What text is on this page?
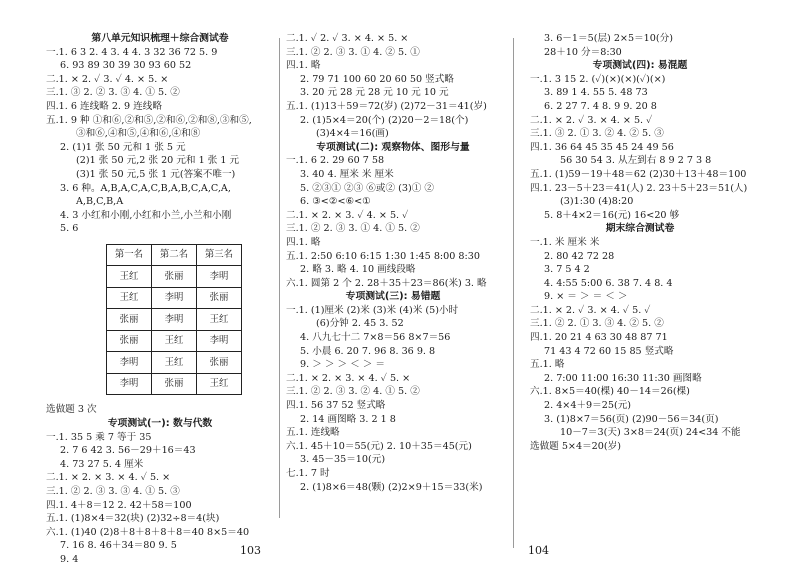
第八单元知识梳理＋综合测试卷
一.1. 6 3 2. 4 3. 4 4. 3 32 36 72 5. 9
6. 93 89 30 39 30 93 60 52
二.1. × 2. ✓ 3. ✓ 4. × 5. ×
三.1. ③ 2. ② 3. ③ 4. ① 5. ②
四.1. 6 连线略 2. 9 连线略
五.1. 9 种 ①和⑥,②和⑤,②和⑥,②和⑧,③和⑤,
③和⑥,④和⑤,④和⑥,④和⑧
2. (1)1 张 50 元和 1 张 5 元
(2)1 张 50 元,2 张 20 元和 1 张 1 元
(3)1 张 50 元,5 张 1 元(答案不唯一)
3. 6 种。A,B,A,C,A,C,B,A,B,C,A,C,A,
A,B,C,B,A
4. 3 小红和小刚,小红和小兰,小兰和小刚
5. 6
第一名	第二名	第三名
王红	张丽	李明
王红	李明	张丽
张丽	李明	王红
张丽	王红	李明
李明	王红	张丽
李明	张丽	王红
选做题 3 次
专项测试(一): 数与代数
一.1. 35 5 乘 7 等于 35
2. 7 6 42 3. 56－29＋16＝43
4. 73 27 5. 4 厘米
二.1. × 2. × 3. × 4. ✓ 5. ×
三.1. ② 2. ③ 3. ③ 4. ① 5. ③
四.1. 4＋8＝12 2. 42＋58＝100
五.1. (1)8×4＝32(块) (2)32÷8＝4(块)
六.1. (1)40 (2)8＋8＋8＋8＋8＝40 8×5＝40
7. 16 8. 46＋34＝80 9. 5
9. 4
二.1. ✓ 2. ✓ 3. × 4. × 5. ×
三.1. ② 2. ③ 3. ① 4. ② 5. ①
四.1. 略
2. 79 71 100 60 20 60 50 竖式略
3. 20 元 28 元 28 元 10 元 10 元
五.1. (1)13＋59＝72(岁) (2)72－31＝41(岁)
2. (1)5×4＝20(个) (2)20－2＝18(个)
(3)4×4＝16(画)
专项测试(二): 观察物体、图形与量
一.1. 6 2. 29 60 7 58
3. 40 4. 厘米 米 厘米
5. ②③① ②③ ⑥或② (3)① ②
6. ③<②<⑥<①
二.1. × 2. × 3. ✓ 4. × 5. ✓
三.1. ② 2. ③ 3. ① 4. ① 5. ②
四.1. 略
五.1. 2:50 6:10 6:15 1:30 1:45 8:00 8:30
2. 略 3. 略 4. 10 画线段略
六.1. 圆第 2 个 2. 28＋35＋23＝86(米) 3. 略
专项测试(三): 易错题
一.1. (1)厘米 (2)米 (3)米 (4)米 (5)小时
(6)分钟 2. 45 3. 52
4. 八九七十二 7×8＝56 8×7＝56
5. 小晨 6. 20 7. 96 8. 36 9. 8
9. ＞ ＞ ＞ ＜ ＞ ＝
二.1. × 2. × 3. × 4. ✓ 5. ×
三.1. ② 2. ③ 3. ② 4. ① 5. ②
四.1. 56 37 52 竖式略
2. 14 画图略 3. 2 1 8
五.1. 连线略
六.1. 45＋10＝55(元) 2. 10＋35＝45(元)
3. 45－35＝10(元)
七.1. 7 时
2. (1)8×6＝48(颗) (2)2×9＋15＝33(米)
3. 6－1＝5(层) 2×5＝10(分)
28＋10 分＝8:30
专项测试(四): 易混题
一.1. 3 15 2. (✓)(×)(×)(✓)(×)
3. 89 1 4. 55 5. 48 73
6. 2 27 7. 4 8. 9 9. 20 8
二.1. × 2. ✓ 3. × 4. × 5. ✓
三.1. ③ 2. ① 3. ② 4. ② 5. ③
四.1. 36 64 45 35 45 24 49 56
56 30 54 3. 从左到右 8 9 2 7 3 8
五.1. (1)59－19＋48＝62 (2)30＋13＋48＝100
四.1. 23－5＋23＝41(人) 2. 23＋5＋23＝51(人)
(3)1:30 (4)8:20
5. 8＋4×2＝16(元) 16<20 够
期末综合测试卷
一.1. 米 厘米 米
2. 80 42 72 28
3. 7 5 4 2
4. 4:55 5:00 6. 38 7. 4 8. 4
9. × ＝ ＞ ＝ ＜ ＞
二.1. × 2. ✓ 3. × 4. ✓ 5. ✓
三.1. ② 2. ① 3. ③ 4. ② 5. ②
四.1. 20 21 4 63 30 48 87 71
71 43 4 72 60 15 85 竖式略
五.1. 略
2. 7:00 11:00 16:30 11:30 画图略
六.1. 8×5＝40(棵) 40－14＝26(棵)
2. 4×4＋9＝25(元)
3. (1)8×7＝56(页) (2)90－56＝34(页)
10－7＝3(天) 3×8＝24(页) 24<34 不能
选做题 5×4＝20(岁)
103	104
